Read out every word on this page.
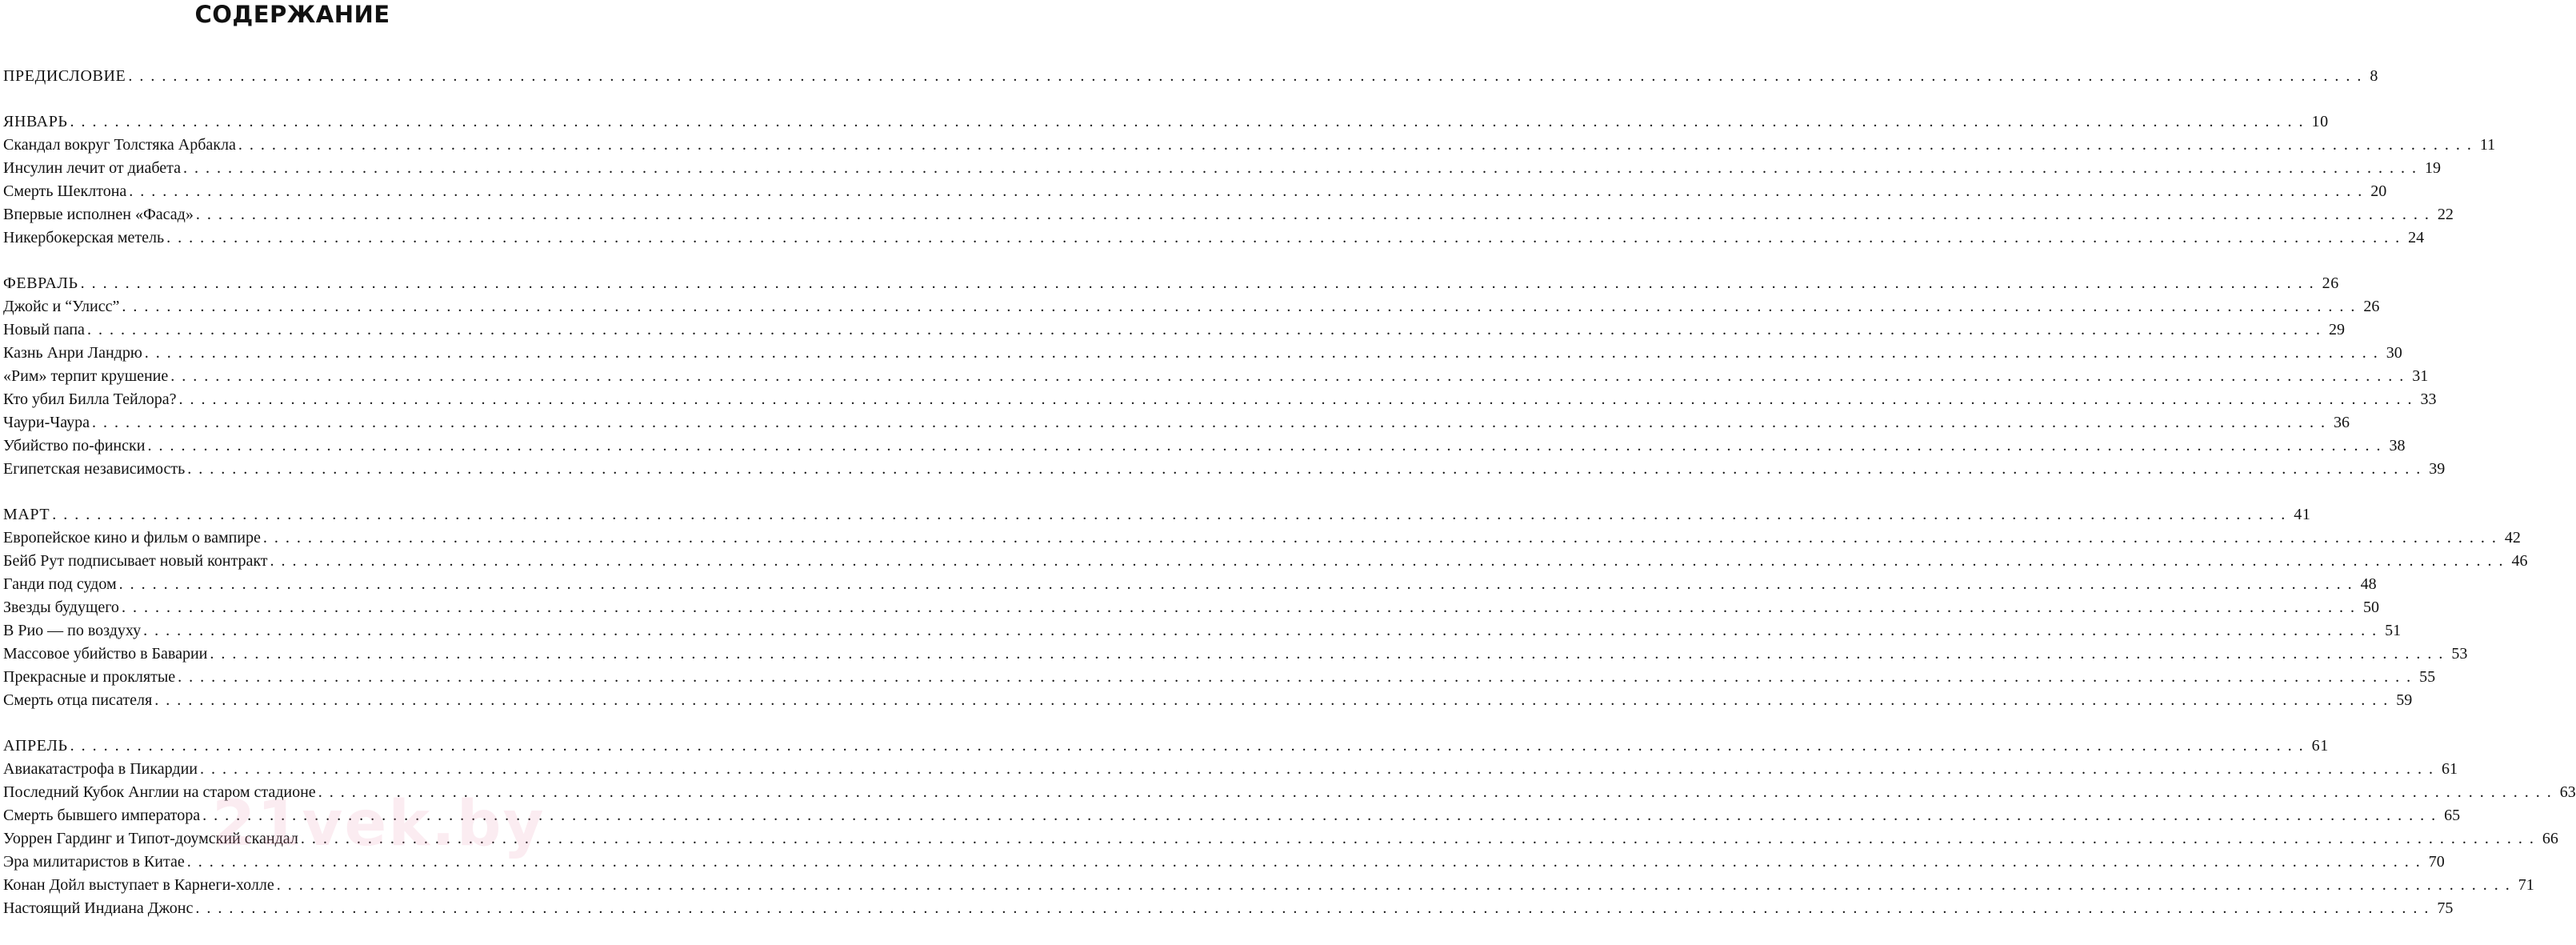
СОДЕРЖАНИЕ
ПРЕДИСЛОВИЕ ........................................................................................................................................................................................................ 8
ЯНВАРЬ ........................................................................................................................................................................................................ 10
Скандал вокруг Толстяка Арбакла ........................................................................................................................................................................................................ 11
Инсулин лечит от диабета ........................................................................................................................................................................................................ 19
Смерть Шеклтона ........................................................................................................................................................................................................ 20
Впервые исполнен «Фасад» ........................................................................................................................................................................................................ 22
Никербокерская метель ........................................................................................................................................................................................................ 24
ФЕВРАЛЬ ........................................................................................................................................................................................................ 26
Джойс и “Улисс” ........................................................................................................................................................................................................ 26
Новый папа ........................................................................................................................................................................................................ 29
Казнь Анри Ландрю ........................................................................................................................................................................................................ 30
«Рим» терпит крушение ........................................................................................................................................................................................................ 31
Кто убил Билла Тейлора? ........................................................................................................................................................................................................ 33
Чаури-Чаура ........................................................................................................................................................................................................ 36
Убийство по-фински ........................................................................................................................................................................................................ 38
Египетская независимость ........................................................................................................................................................................................................ 39
МАРТ ........................................................................................................................................................................................................ 41
Европейское кино и фильм о вампире ........................................................................................................................................................................................................ 42
Бейб Рут подписывает новый контракт ........................................................................................................................................................................................................ 46
Ганди под судом ........................................................................................................................................................................................................ 48
Звезды будущего ........................................................................................................................................................................................................ 50
В Рио — по воздуху ........................................................................................................................................................................................................ 51
Массовое убийство в Баварии ........................................................................................................................................................................................................ 53
Прекрасные и проклятые ........................................................................................................................................................................................................ 55
Смерть отца писателя ........................................................................................................................................................................................................ 59
АПРЕЛЬ ........................................................................................................................................................................................................ 61
Авиакатастрофа в Пикардии ........................................................................................................................................................................................................ 61
Последний Кубок Англии на старом стадионе ........................................................................................................................................................................................................ 63
Смерть бывшего императора ........................................................................................................................................................................................................ 65
Уоррен Гардинг и Типот-доумский скандал ........................................................................................................................................................................................................ 66
Эра милитаристов в Китае ........................................................................................................................................................................................................ 70
Конан Дойл выступает в Карнеги-холле ........................................................................................................................................................................................................ 71
Настоящий Индиана Джонс ........................................................................................................................................................................................................ 75
21vek.by
